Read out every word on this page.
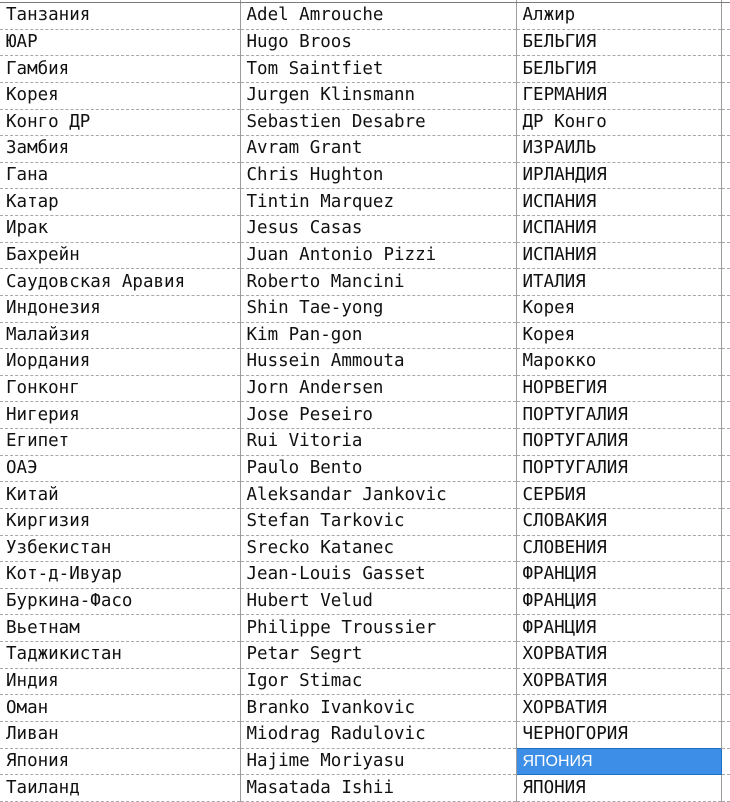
Танзания	Adel Amrouche	Алжир	
ЮАР	Hugo Broos	БЕЛЬГИЯ	
Гамбия	Tom Saintfiet	БЕЛЬГИЯ	
Корея	Jurgen Klinsmann	ГЕРМАНИЯ	
Конго ДР	Sebastien Desabre	ДР Конго	
Замбия	Avram Grant	ИЗРАИЛЬ	
Гана	Chris Hughton	ИРЛАНДИЯ	
Катар	Tintin Marquez	ИСПАНИЯ	
Ирак	Jesus Casas	ИСПАНИЯ	
Бахрейн	Juan Antonio Pizzi	ИСПАНИЯ	
Саудовская Аравия	Roberto Mancini	ИТАЛИЯ	
Индонезия	Shin Tae-yong	Корея	
Малайзия	Kim Pan-gon	Корея	
Иордания	Hussein Ammouta	Марокко	
Гонконг	Jorn Andersen	НОРВЕГИЯ	
Нигерия	Jose Peseiro	ПОРТУГАЛИЯ	
Египет	Rui Vitoria	ПОРТУГАЛИЯ	
ОАЭ	Paulo Bento	ПОРТУГАЛИЯ	
Китай	Aleksandar Jankovic	СЕРБИЯ	
Киргизия	Stefan Tarkovic	СЛОВАКИЯ	
Узбекистан	Srecko Katanec	СЛОВЕНИЯ	
Кот-д-Ивуар	Jean-Louis Gasset	ФРАНЦИЯ	
Буркина-Фасо	Hubert Velud	ФРАНЦИЯ	
Вьетнам	Philippe Troussier	ФРАНЦИЯ	
Таджикистан	Petar Segrt	ХОРВАТИЯ	
Индия	Igor Stimac	ХОРВАТИЯ	
Оман	Branko Ivankovic	ХОРВАТИЯ	
Ливан	Miodrag Radulovic	ЧЕРНОГОРИЯ	
Япония	Hajime Moriyasu	ЯПОНИЯ	
Таиланд	Masatada Ishii	ЯПОНИЯ	
